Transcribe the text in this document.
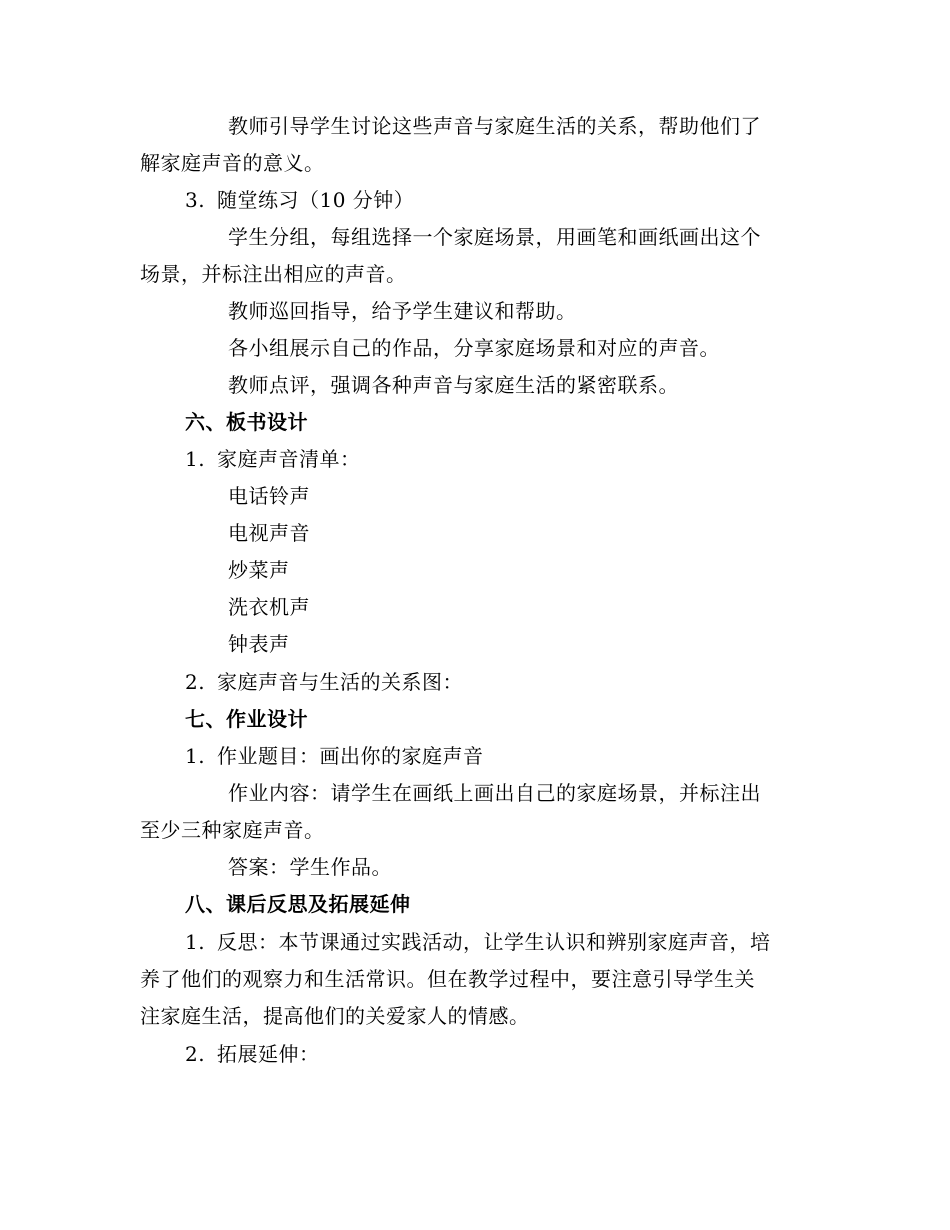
教师引导学生讨论这些声音与家庭生活的关系，帮助他们了
解家庭声音的意义。
3. 随堂练习（10 分钟）
学生分组，每组选择一个家庭场景，用画笔和画纸画出这个
场景，并标注出相应的声音。
教师巡回指导，给予学生建议和帮助。
各小组展示自己的作品，分享家庭场景和对应的声音。
教师点评，强调各种声音与家庭生活的紧密联系。
六、板书设计
1. 家庭声音清单：
电话铃声
电视声音
炒菜声
洗衣机声
钟表声
2. 家庭声音与生活的关系图：
七、作业设计
1. 作业题目：画出你的家庭声音
作业内容：请学生在画纸上画出自己的家庭场景，并标注出
至少三种家庭声音。
答案：学生作品。
八、课后反思及拓展延伸
1. 反思：本节课通过实践活动，让学生认识和辨别家庭声音，培
养了他们的观察力和生活常识。但在教学过程中，要注意引导学生关
注家庭生活，提高他们的关爱家人的情感。
2. 拓展延伸：
